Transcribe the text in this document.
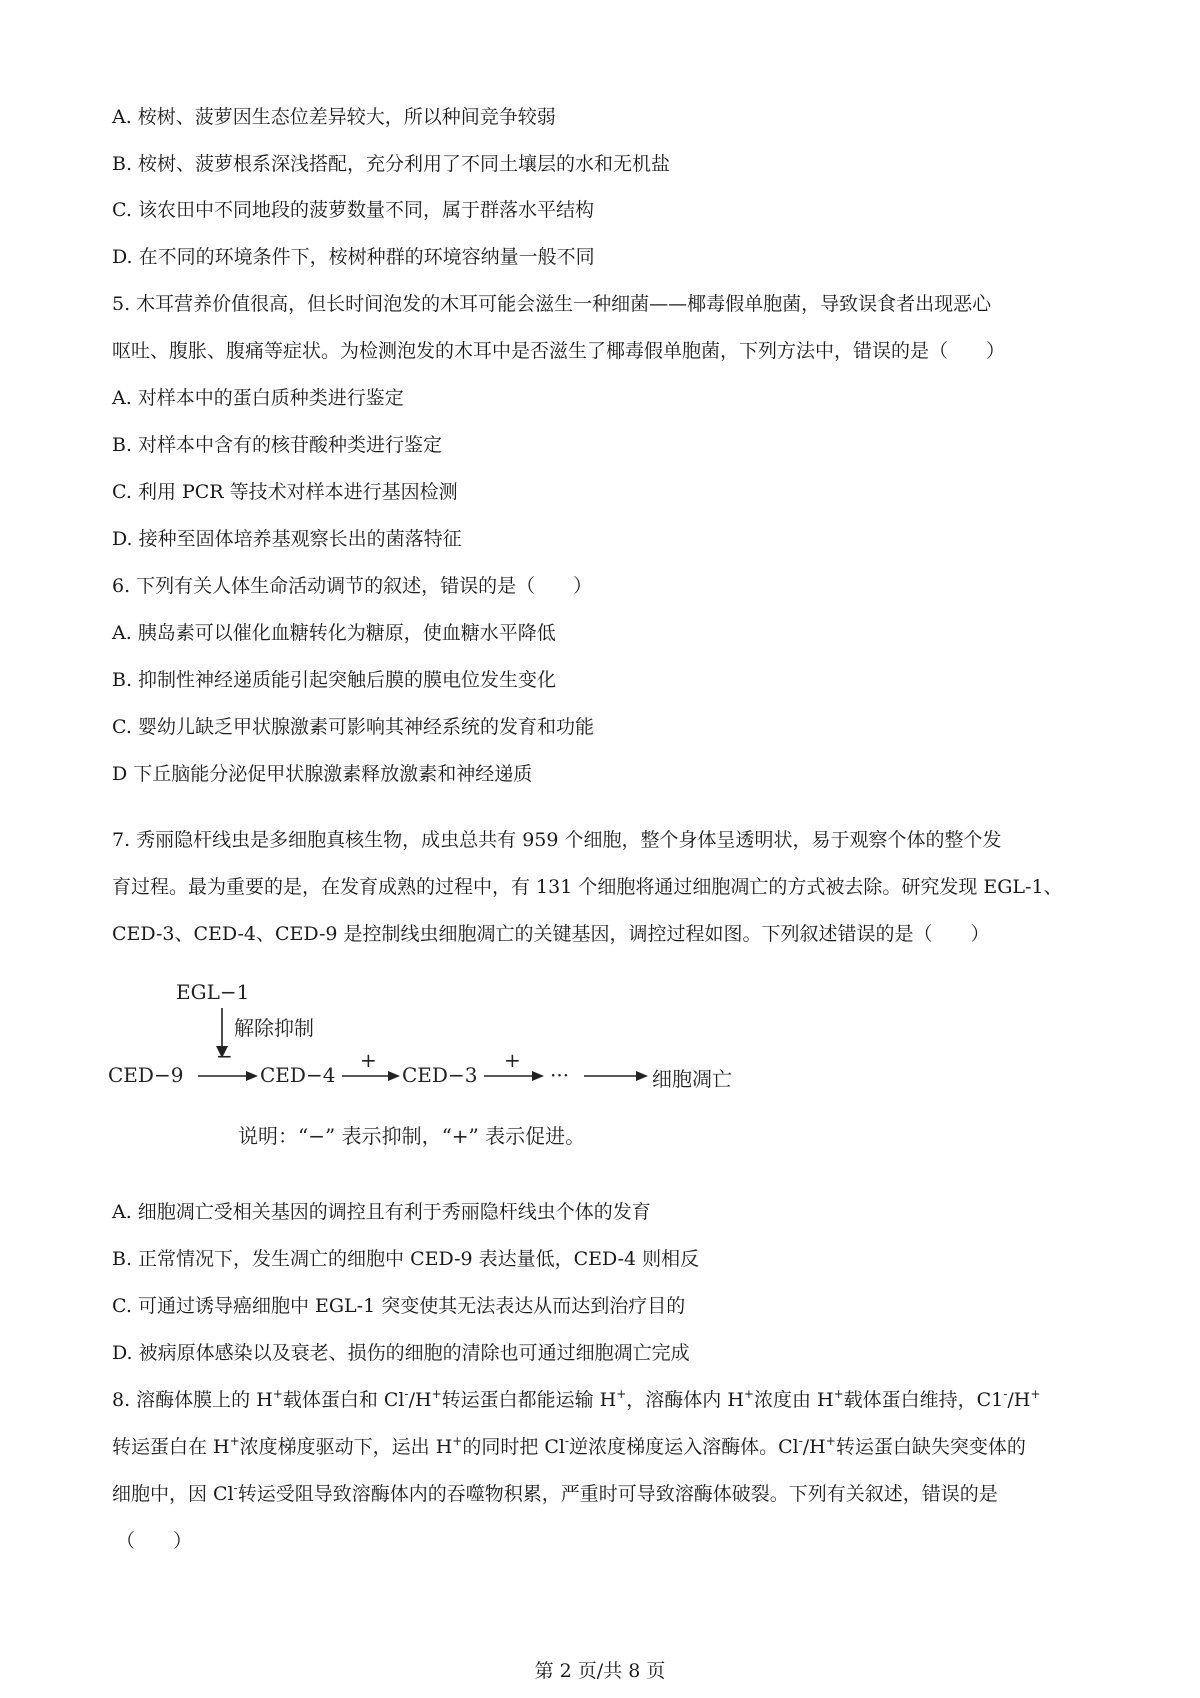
A. 桉树、菠萝因生态位差异较大，所以种间竞争较弱
B. 桉树、菠萝根系深浅搭配，充分利用了不同土壤层的水和无机盐
C. 该农田中不同地段的菠萝数量不同，属于群落水平结构
D. 在不同的环境条件下，桉树种群的环境容纳量一般不同
5. 木耳营养价值很高，但长时间泡发的木耳可能会滋生一种细菌——椰毒假单胞菌，导致误食者出现恶心
呕吐、腹胀、腹痛等症状。为检测泡发的木耳中是否滋生了椰毒假单胞菌，下列方法中，错误的是（　　）
A. 对样本中的蛋白质种类进行鉴定
B. 对样本中含有的核苷酸种类进行鉴定
C. 利用 PCR 等技术对样本进行基因检测
D. 接种至固体培养基观察长出的菌落特征
6. 下列有关人体生命活动调节的叙述，错误的是（　　）
A. 胰岛素可以催化血糖转化为糖原，使血糖水平降低
B. 抑制性神经递质能引起突触后膜的膜电位发生变化
C. 婴幼儿缺乏甲状腺激素可影响其神经系统的发育和功能
D 下丘脑能分泌促甲状腺激素释放激素和神经递质
7. 秀丽隐杆线虫是多细胞真核生物，成虫总共有 959 个细胞，整个身体呈透明状，易于观察个体的整个发
育过程。最为重要的是，在发育成熟的过程中，有 131 个细胞将通过细胞凋亡的方式被去除。研究发现 EGL-1、
CED-3、CED-4、CED-9 是控制线虫细胞凋亡的关键基因，调控过程如图。下列叙述错误的是（　　）
EGL−1
解除抑制
−
CED−9	CED−4
+
CED−3
+
···	细胞凋亡
说明：“−” 表示抑制，“+” 表示促进。
A. 细胞凋亡受相关基因的调控且有利于秀丽隐杆线虫个体的发育
B. 正常情况下，发生凋亡的细胞中 CED-9 表达量低，CED-4 则相反
C. 可通过诱导癌细胞中 EGL-1 突变使其无法表达从而达到治疗目的
D. 被病原体感染以及衰老、损伤的细胞的清除也可通过细胞凋亡完成
8. 溶酶体膜上的 H+载体蛋白和 Cl-/H+转运蛋白都能运输 H+，溶酶体内 H+浓度由 H+载体蛋白维持，C1-/H+
转运蛋白在 H+浓度梯度驱动下，运出 H+的同时把 Cl-逆浓度梯度运入溶酶体。Cl-/H+转运蛋白缺失突变体的
细胞中，因 Cl-转运受阻导致溶酶体内的吞噬物积累，严重时可导致溶酶体破裂。下列有关叙述，错误的是
（　　）
第 2 页/共 8 页
